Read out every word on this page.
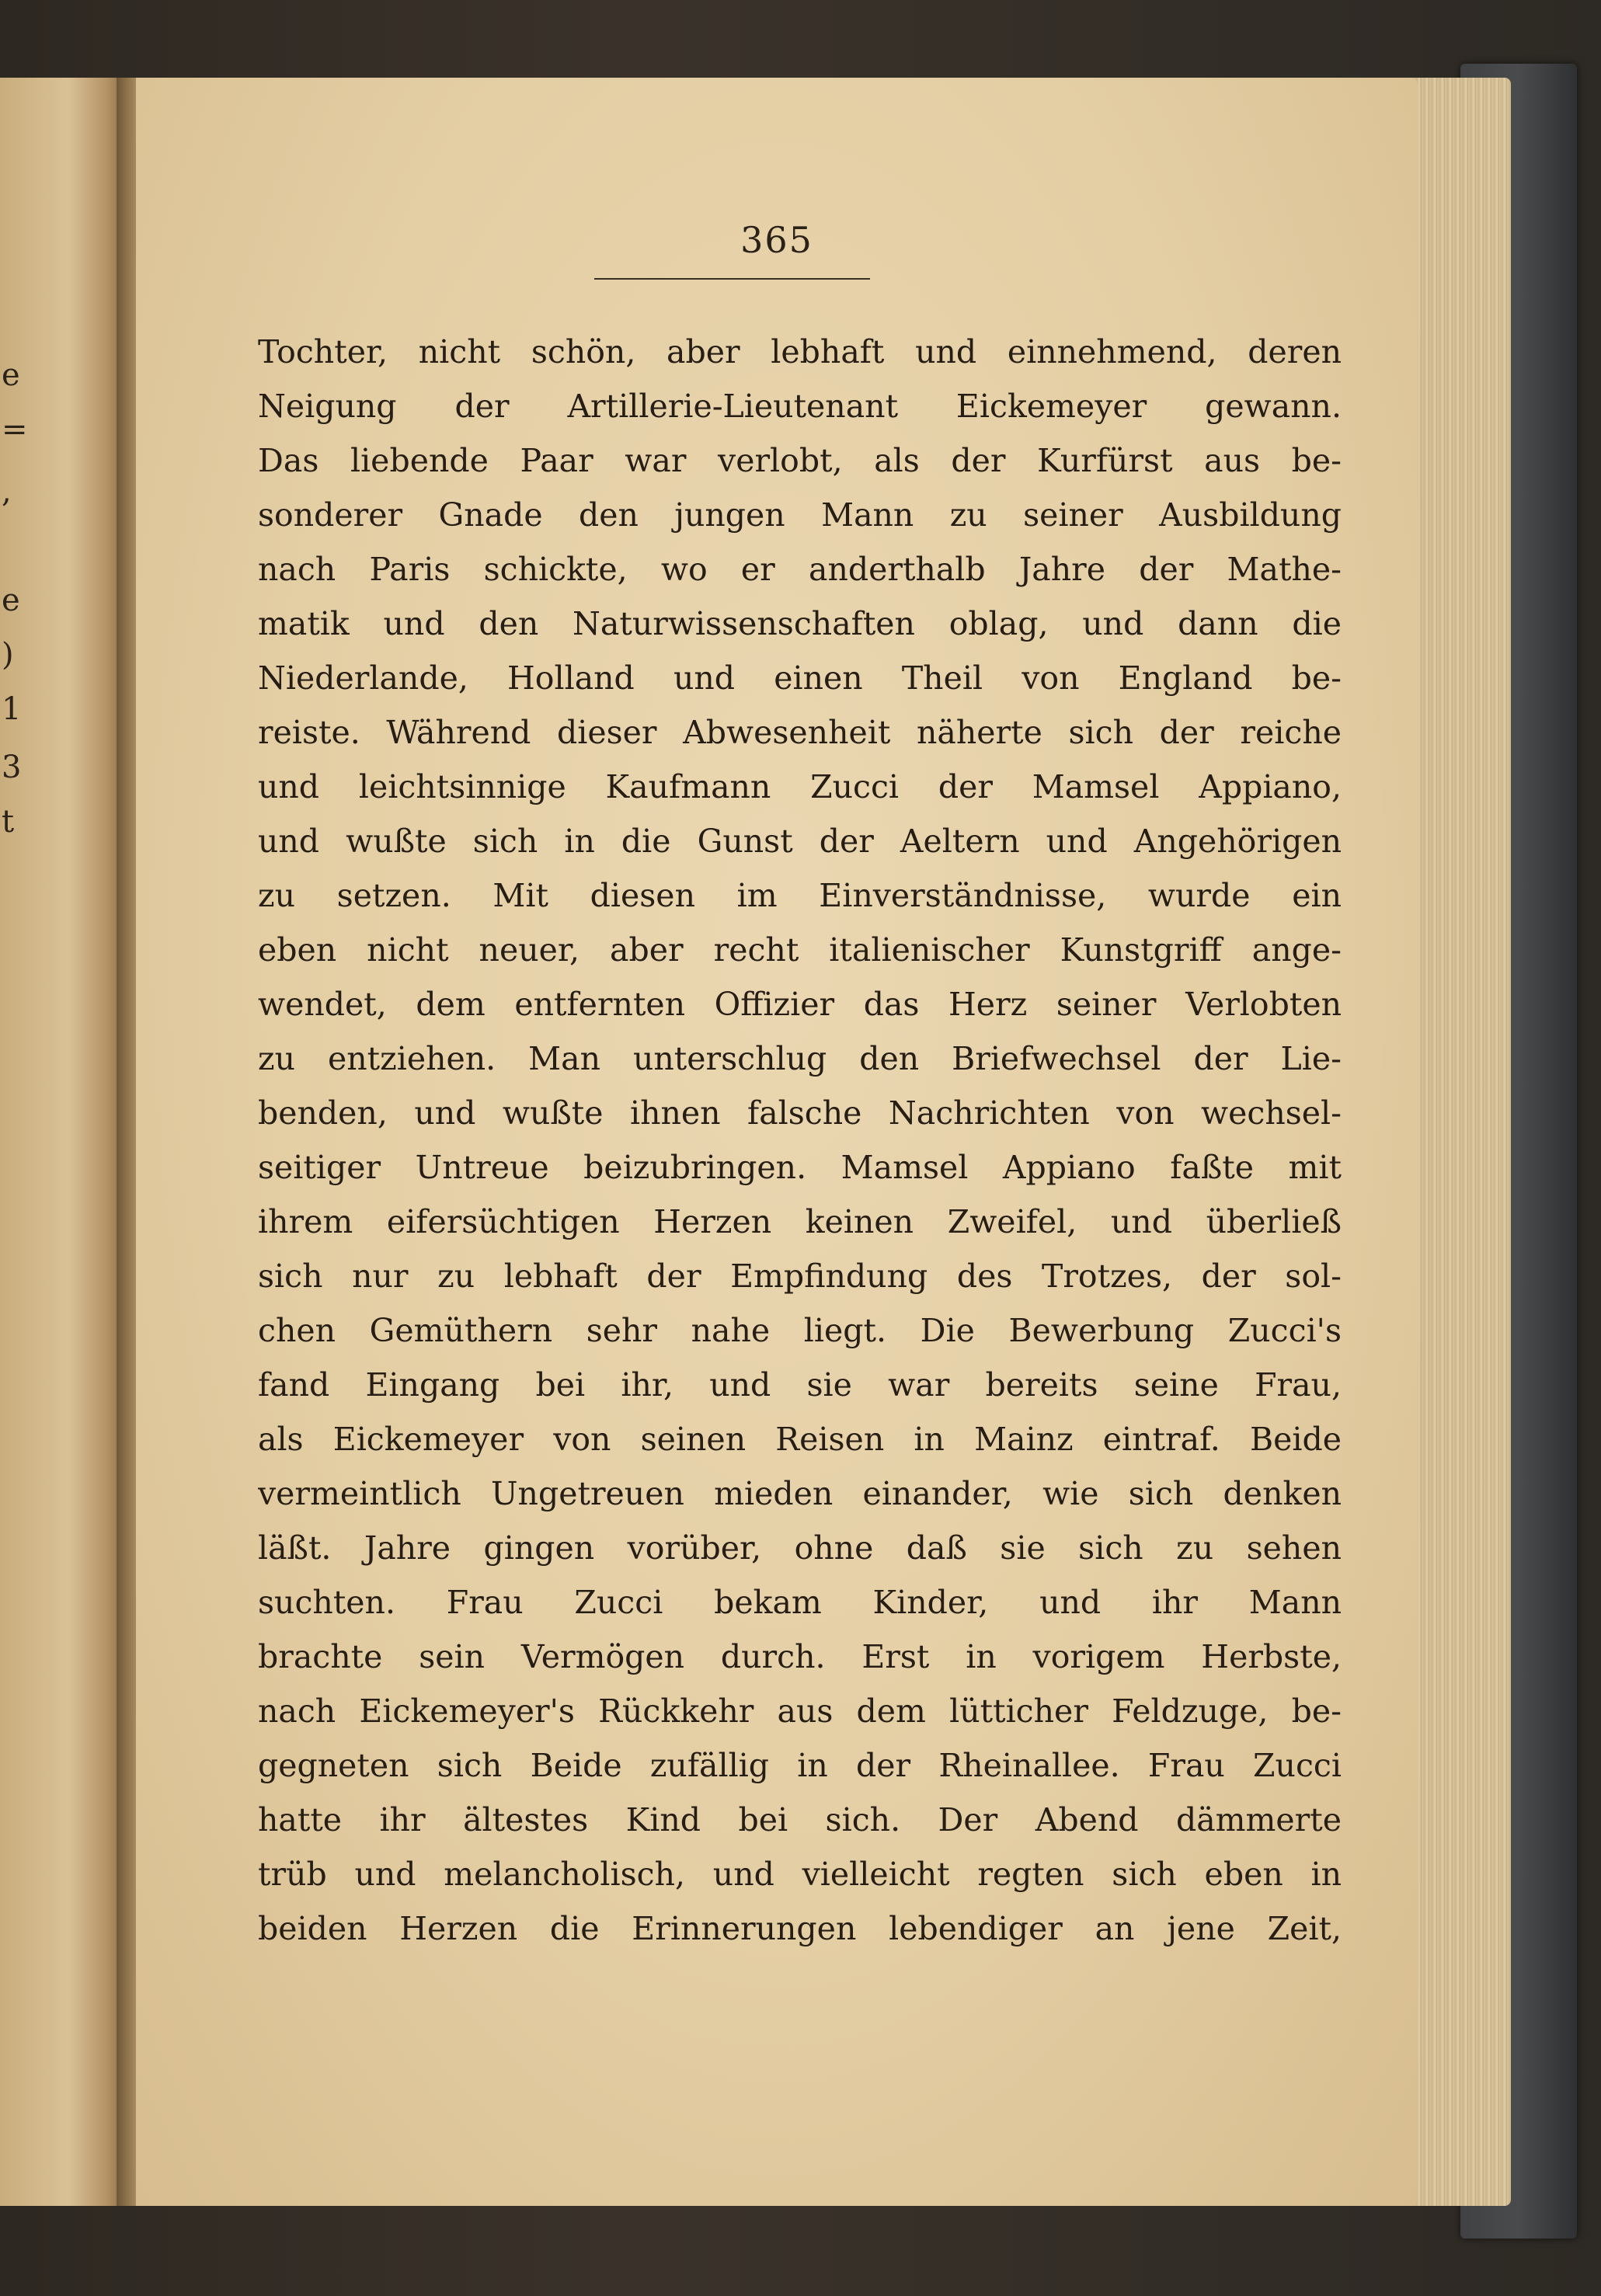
e
=
,
e
)
1
3
t
365
Tochter, nicht schön, aber lebhaft und einnehmend, deren
Neigung der Artillerie-Lieutenant Eickemeyer gewann.
Das liebende Paar war verlobt, als der Kurfürst aus be-
sonderer Gnade den jungen Mann zu seiner Ausbildung
nach Paris schickte, wo er anderthalb Jahre der Mathe-
matik und den Naturwissenschaften oblag, und dann die
Niederlande, Holland und einen Theil von England be-
reiste. Während dieser Abwesenheit näherte sich der reiche
und leichtsinnige Kaufmann Zucci der Mamsel Appiano,
und wußte sich in die Gunst der Aeltern und Angehörigen
zu setzen. Mit diesen im Einverständnisse, wurde ein
eben nicht neuer, aber recht italienischer Kunstgriff ange-
wendet, dem entfernten Offizier das Herz seiner Verlobten
zu entziehen. Man unterschlug den Briefwechsel der Lie-
benden, und wußte ihnen falsche Nachrichten von wechsel-
seitiger Untreue beizubringen. Mamsel Appiano faßte mit
ihrem eifersüchtigen Herzen keinen Zweifel, und überließ
sich nur zu lebhaft der Empfindung des Trotzes, der sol-
chen Gemüthern sehr nahe liegt. Die Bewerbung Zucci's
fand Eingang bei ihr, und sie war bereits seine Frau,
als Eickemeyer von seinen Reisen in Mainz eintraf. Beide
vermeintlich Ungetreuen mieden einander, wie sich denken
läßt. Jahre gingen vorüber, ohne daß sie sich zu sehen
suchten. Frau Zucci bekam Kinder, und ihr Mann
brachte sein Vermögen durch. Erst in vorigem Herbste,
nach Eickemeyer's Rückkehr aus dem lütticher Feldzuge, be-
gegneten sich Beide zufällig in der Rheinallee. Frau Zucci
hatte ihr ältestes Kind bei sich. Der Abend dämmerte
trüb und melancholisch, und vielleicht regten sich eben in
beiden Herzen die Erinnerungen lebendiger an jene Zeit,
